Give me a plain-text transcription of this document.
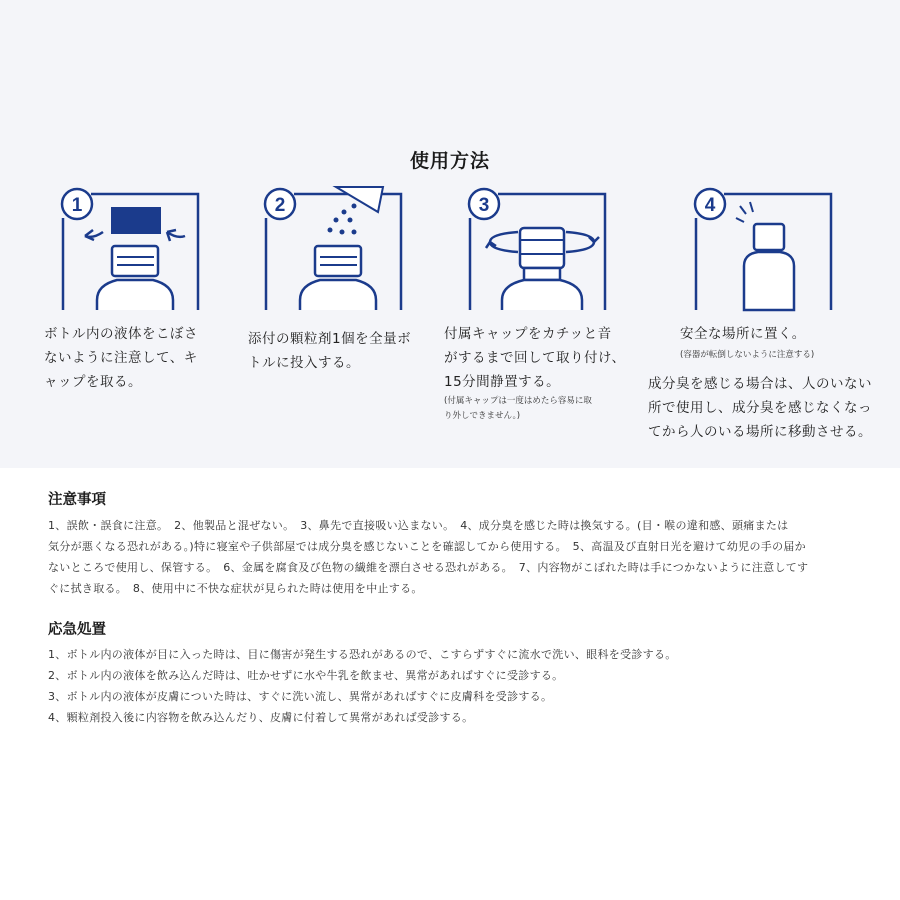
使用方法
1	2	3	4
ボトル内の液体をこぼさ
ないように注意して、キ
ャップを取る。
添付の顆粒剤1個を全量ボ
トルに投入する。
付属キャップをカチッと音
がするまで回して取り付け、
15分間静置する。
(付属キャップは一度はめたら容易に取
り外しできません。)
安全な場所に置く。
(容器が転倒しないように注意する)
成分臭を感じる場合は、人のいない
所で使用し、成分臭を感じなくなっ
てから人のいる場所に移動させる。
注意事項
1、誤飲・誤食に注意。　2、他製品と混ぜない。　3、鼻先で直接吸い込まない。　4、成分臭を感じた時は換気する。(目・喉の違和感、頭痛または
気分が悪くなる恐れがある。)特に寝室や子供部屋では成分臭を感じないことを確認してから使用する。　5、高温及び直射日光を避けて幼児の手の届か
ないところで使用し、保管する。　6、金属を腐食及び色物の繊維を漂白させる恐れがある。　7、内容物がこぼれた時は手につかないように注意してす
ぐに拭き取る。　8、使用中に不快な症状が見られた時は使用を中止する。
応急処置
1、ボトル内の液体が目に入った時は、目に傷害が発生する恐れがあるので、こすらずすぐに流水で洗い、眼科を受診する。
2、ボトル内の液体を飲み込んだ時は、吐かせずに水や牛乳を飲ませ、異常があればすぐに受診する。
3、ボトル内の液体が皮膚についた時は、すぐに洗い流し、異常があればすぐに皮膚科を受診する。
4、顆粒剤投入後に内容物を飲み込んだり、皮膚に付着して異常があれば受診する。
